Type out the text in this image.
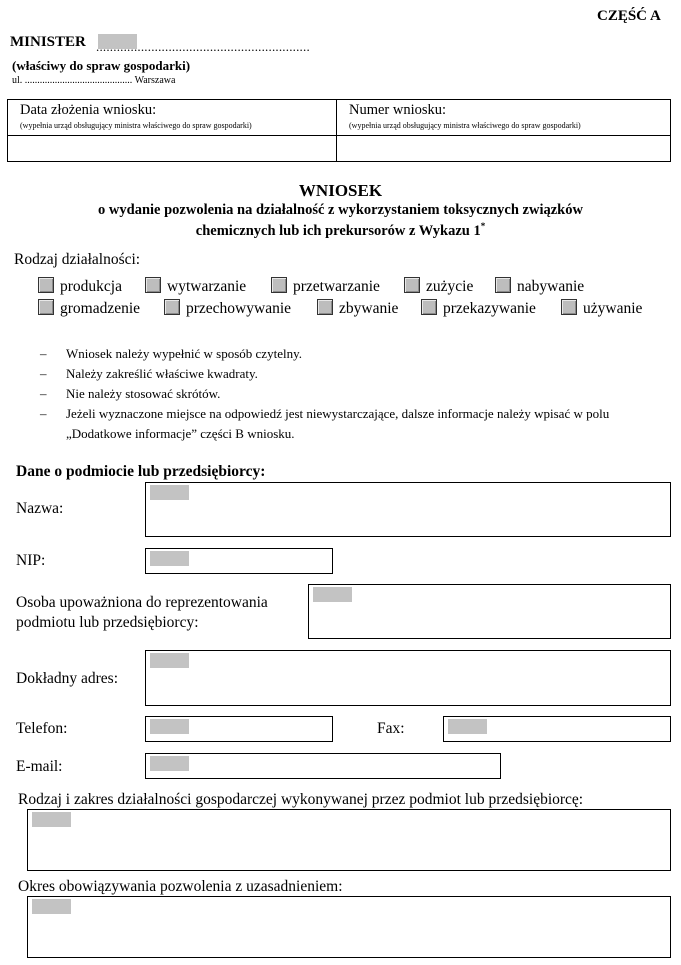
CZĘŚĆ A
MINISTER ..............................................................
(właściwy do spraw gospodarki)
ul. ........................................... Warszawa
Data złożenia wniosku:
(wypełnia urząd obsługujący ministra właściwego do spraw gospodarki)
Numer wniosku:
(wypełnia urząd obsługujący ministra właściwego do spraw gospodarki)
WNIOSEK
o wydanie pozwolenia na działalność z wykorzystaniem toksycznych związków
chemicznych lub ich prekursorów z Wykazu 1*
Rodzaj działalności:
produkcja	wytwarzanie	przetwarzanie	zużycie	nabywanie
gromadzenie	przechowywanie	zbywanie	przekazywanie	używanie
– Wniosek należy wypełnić w sposób czytelny.
– Należy zakreślić właściwe kwadraty.
– Nie należy stosować skrótów.
– Jeżeli wyznaczone miejsce na odpowiedź jest niewystarczające, dalsze informacje należy wpisać w polu
„Dodatkowe informacje” części B wniosku.
Dane o podmiocie lub przedsiębiorcy:
Nazwa:
NIP:
Osoba upoważniona do reprezentowania
podmiotu lub przedsiębiorcy:
Dokładny adres:
Telefon:	Fax:
E-mail:
Rodzaj i zakres działalności gospodarczej wykonywanej przez podmiot lub przedsiębiorcę:
Okres obowiązywania pozwolenia z uzasadnieniem:
